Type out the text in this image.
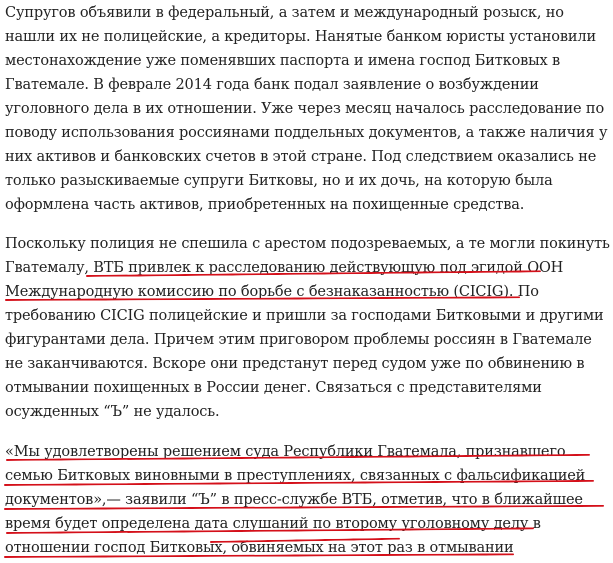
Супругов объявили в федеральный, а затем и международный розыск, но
нашли их не полицейские, а кредиторы. Нанятые банком юристы установили
местонахождение уже поменявших паспорта и имена господ Битковых в
Гватемале. В феврале 2014 года банк подал заявление о возбуждении
уголовного дела в их отношении. Уже через месяц началось расследование по
поводу использования россиянами поддельных документов, а также наличия у
них активов и банковских счетов в этой стране. Под следствием оказались не
только разыскиваемые супруги Битковы, но и их дочь, на которую была
оформлена часть активов, приобретенных на похищенные средства.
Поскольку полиция не спешила с арестом подозреваемых, а те могли покинуть
Гватемалу, ВТБ привлек к расследованию действующую под эгидой ООН
Международную комиссию по борьбе с безнаказанностью (CICIG). По
требованию CICIG полицейские и пришли за господами Битковыми и другими
фигурантами дела. Причем этим приговором проблемы россиян в Гватемале
не заканчиваются. Вскоре они предстанут перед судом уже по обвинению в
отмывании похищенных в России денег. Связаться с представителями
осужденных “Ъ” не удалось.
«Мы удовлетворены решением суда Республики Гватемала, признавшего
семью Битковых виновными в преступлениях, связанных с фальсификацией
документов»,— заявили “Ъ” в пресс-службе ВТБ, отметив, что в ближайшее
время будет определена дата слушаний по второму уголовному делу в
отношении господ Битковых, обвиняемых на этот раз в отмывании
